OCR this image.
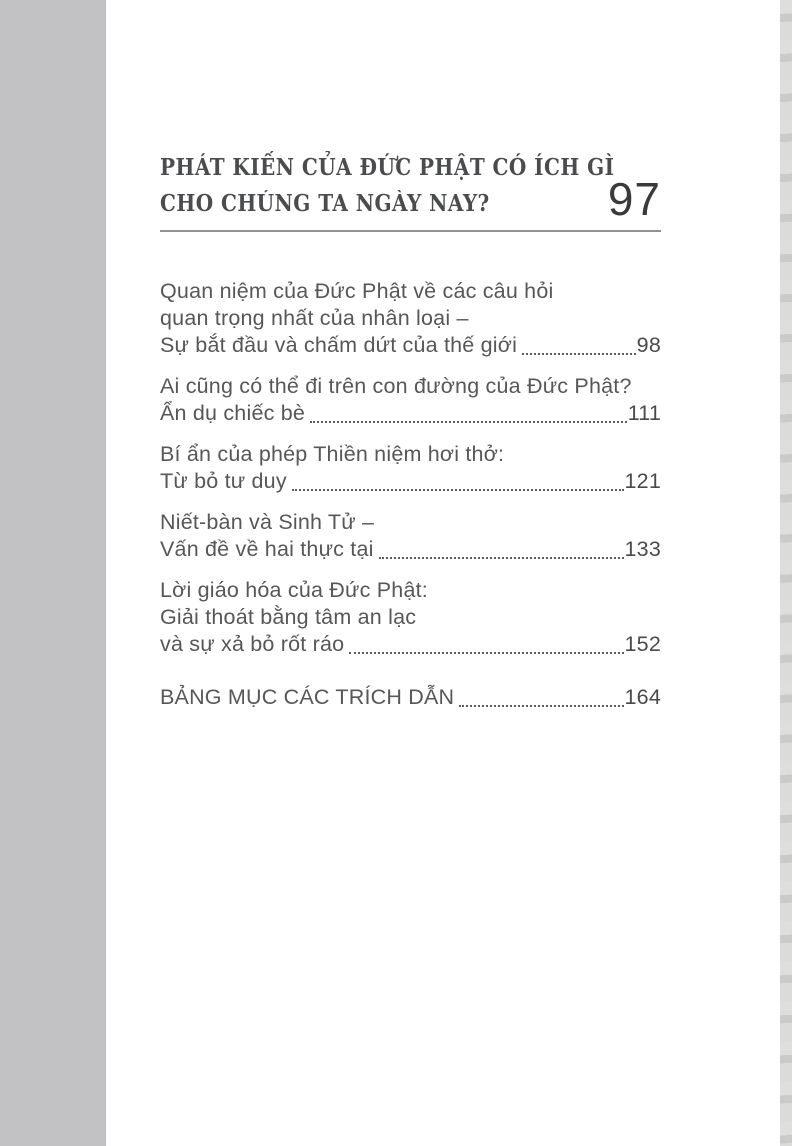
PHÁT KIẾN CỦA ĐỨC PHẬT CÓ ÍCH GÌ
CHO CHÚNG TA NGÀY NAY?	97
Quan niệm của Đức Phật về các câu hỏi
quan trọng nhất của nhân loại –
Sự bắt đầu và chấm dứt của thế giới	98
Ai cũng có thể đi trên con đường của Đức Phật?
Ẩn dụ chiếc bè	111
Bí ẩn của phép Thiền niệm hơi thở:
Từ bỏ tư duy	121
Niết-bàn và Sinh Tử –
Vấn đề về hai thực tại	133
Lời giáo hóa của Đức Phật:
Giải thoát bằng tâm an lạc
và sự xả bỏ rốt ráo	152
BẢNG MỤC CÁC TRÍCH DẪN	164
